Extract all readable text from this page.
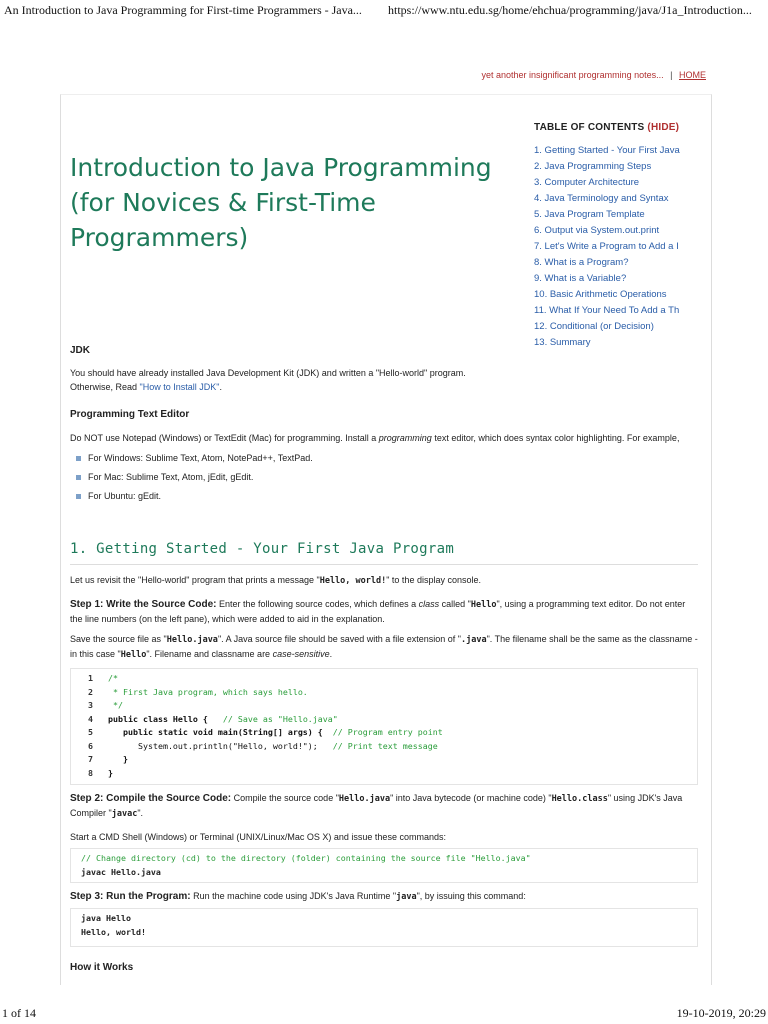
An Introduction to Java Programming for First-time Programmers - Java...	https://www.ntu.edu.sg/home/ehchua/programming/java/J1a_Introduction...
yet another insignificant programming notes... | HOME
TABLE OF CONTENTS (HIDE)
1. Getting Started - Your First Java
2. Java Programming Steps
3. Computer Architecture
4. Java Terminology and Syntax
5. Java Program Template
6. Output via System.out.print
7. Let's Write a Program to Add a I
8. What is a Program?
9. What is a Variable?
10. Basic Arithmetic Operations
11. What If Your Need To Add a Th
12. Conditional (or Decision)
13. Summary
Introduction to Java Programming (for Novices & First-Time Programmers)

JDK

You should have already installed Java Development Kit (JDK) and written a "Hello-world" program.
Otherwise, Read "How to Install JDK".

Programming Text Editor

Do NOT use Notepad (Windows) or TextEdit (Mac) for programming. Install a programming text editor, which does syntax color highlighting. For example,

For Windows: Sublime Text, Atom, NotePad++, TextPad.
For Mac: Sublime Text, Atom, jEdit, gEdit.
For Ubuntu: gEdit.
1. Getting Started - Your First Java Program

Let us revisit the "Hello-world" program that prints a message "Hello, world!" to the display console.

Step 1: Write the Source Code: Enter the following source codes, which defines a class called "Hello", using a programming text editor. Do not enter the line numbers (on the left pane), which were added to aid in the explanation.

Save the source file as "Hello.java". A Java source file should be saved with a file extension of ".java". The filename shall be the same as the classname - in this case "Hello". Filename and classname are case-sensitive.

1 /*
2    * First Java program, which says hello.
3    */
4 public class Hello {   // Save as "Hello.java"
5      public static void main(String[] args) {  // Program entry point
6         System.out.println("Hello, world!");   // Print text message
7      }
8 }

Step 2: Compile the Source Code: Compile the source code "Hello.java" into Java bytecode (or machine code) "Hello.class" using JDK's Java Compiler "javac".

Start a CMD Shell (Windows) or Terminal (UNIX/Linux/Mac OS X) and issue these commands:

// Change directory (cd) to the directory (folder) containing the source file "Hello.java"
javac Hello.java

Step 3: Run the Program: Run the machine code using JDK's Java Runtime "java", by issuing this command:

java Hello
Hello, world!

How it Works

1 of 14	19-10-2019, 20:29
